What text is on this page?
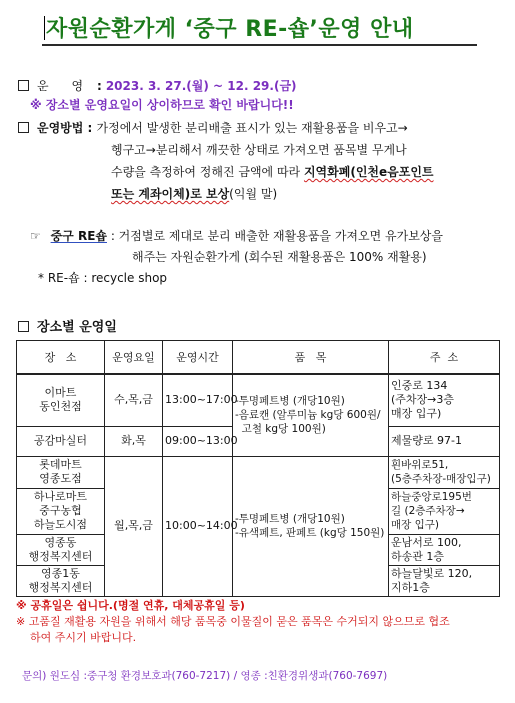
자원순환가게 ‘중구 RE-숍’운영 안내
운      영 : 2023. 3. 27.(월) ~ 12. 29.(금)
※ 장소별 운영요일이 상이하므로 확인 바랍니다!!
운영방법 : 가정에서 발생한 분리배출 표시가 있는 재활용품을 비우고→
헹구고→분리해서 깨끗한 상태로 가져오면 품목별 무게나
수량을 측정하여 정해진 금액에 따라 지역화폐(인천e음포인트
또는 계좌이체)로 보상(익월 말)
☞ 중구 RE숍 : 거점별로 제대로 분리 배출한 재활용품을 가져오면 유가보상을
해주는 자원순환가게 (회수된 재활용품은 100% 재활용)
* RE-숍 : recycle shop
장소별 운영일
장   소	운영요일	운영시간	품   목	주  소
이마트
동인천점	수,목,금	13:00~17:00	-투명페트병 (개당10원)
-음료캔 (알루미늄 kg당 600원/
고철 kg당 100원)	인중로 134
(주차장→3층
매장 입구)
공감마실터	화,목	09:00~13:00		제물량로 97-1
롯데마트
영종도점	월,목,금	10:00~14:00	-투명페트병 (개당10원)
-유색페트, 판페트 (kg당 150원)	흰바위로51,
(5층주차장-매장입구)
하나로마트
중구농협
하늘도시점				하늘중앙로195번
길 (2층주차장→
매장 입구)
영종동
행정복지센터				운남서로 100,
하송관 1층
영종1동
행정복지센터				하늘달빛로 120,
지하1층
※ 공휴일은 쉽니다.(명절 연휴, 대체공휴일 등)
※ 고품질 재활용 자원을 위해서 해당 품목중 이물질이 묻은 품목은 수거되지 않으므로 협조
하여 주시기 바랍니다.
문의) 원도심 :중구청 환경보호과(760-7217) / 영종 :친환경위생과(760-7697)
